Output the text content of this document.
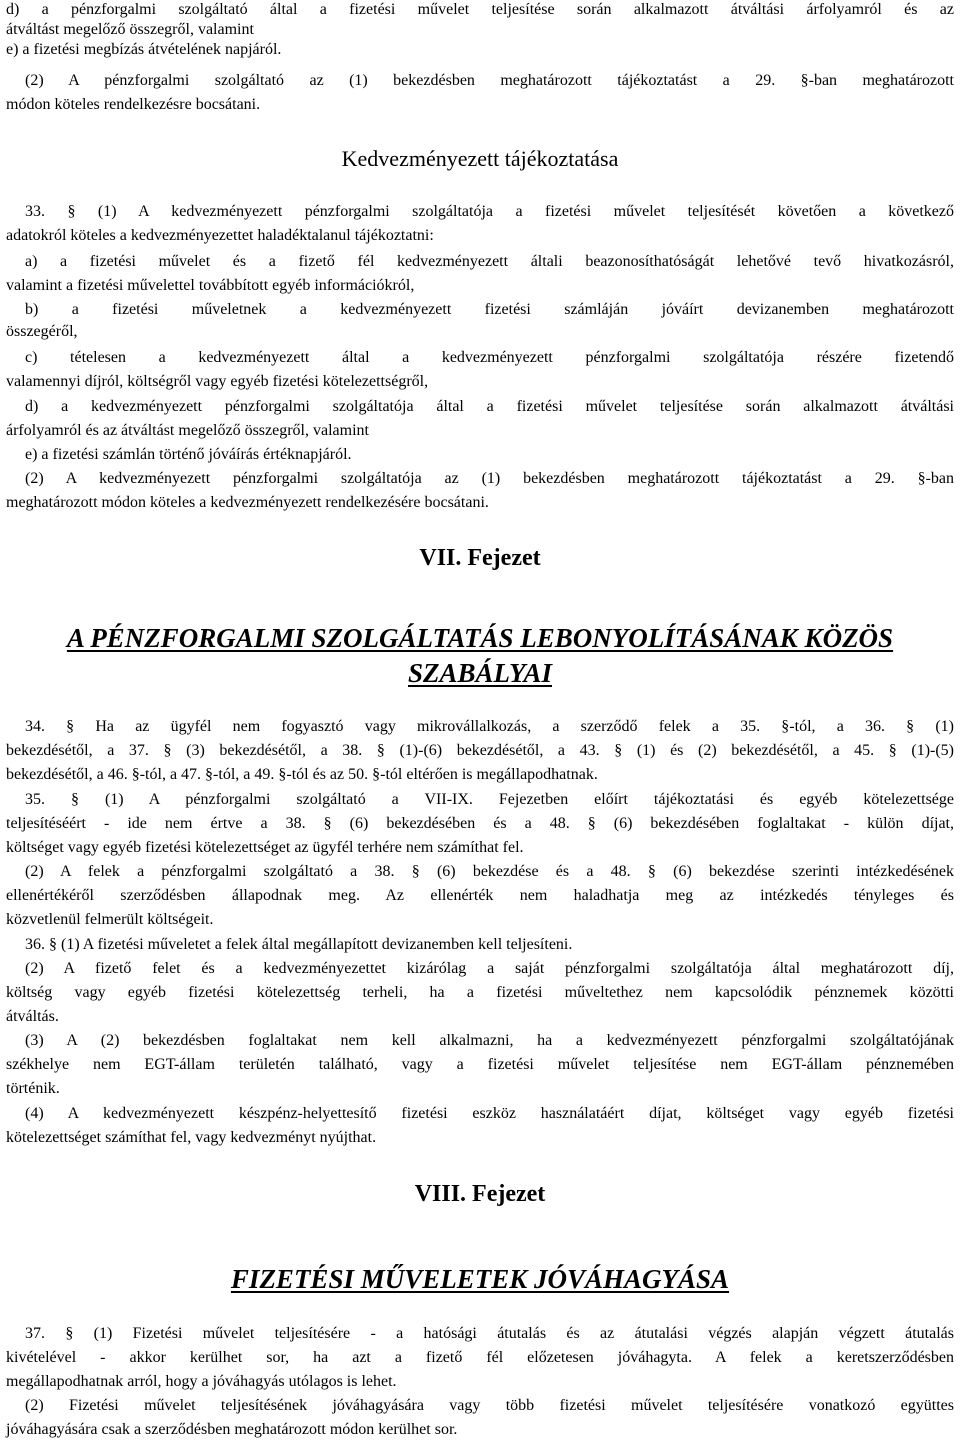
d) a pénzforgalmi szolgáltató által a fizetési művelet teljesítése során alkalmazott átváltási árfolyamról és az
átváltást megelőző összegről, valamint
e) a fizetési megbízás átvételének napjáról.
(2) A pénzforgalmi szolgáltató az (1) bekezdésben meghatározott tájékoztatást a 29. §-ban meghatározott
módon köteles rendelkezésre bocsátani.
Kedvezményezett tájékoztatása
33. § (1) A kedvezményezett pénzforgalmi szolgáltatója a fizetési művelet teljesítését követően a következő
adatokról köteles a kedvezményezettet haladéktalanul tájékoztatni:
a) a fizetési művelet és a fizető fél kedvezményezett általi beazonosíthatóságát lehetővé tevő hivatkozásról,
valamint a fizetési művelettel továbbított egyéb információkról,
b) a fizetési műveletnek a kedvezményezett fizetési számláján jóváírt devizanemben meghatározott
összegéről,
c) tételesen a kedvezményezett által a kedvezményezett pénzforgalmi szolgáltatója részére fizetendő
valamennyi díjról, költségről vagy egyéb fizetési kötelezettségről,
d) a kedvezményezett pénzforgalmi szolgáltatója által a fizetési művelet teljesítése során alkalmazott átváltási
árfolyamról és az átváltást megelőző összegről, valamint
e) a fizetési számlán történő jóváírás értéknapjáról.
(2) A kedvezményezett pénzforgalmi szolgáltatója az (1) bekezdésben meghatározott tájékoztatást a 29. §-ban
meghatározott módon köteles a kedvezményezett rendelkezésére bocsátani.
VII. Fejezet
A PÉNZFORGALMI SZOLGÁLTATÁS LEBONYOLÍTÁSÁNAK KÖZÖS
SZABÁLYAI
34. § Ha az ügyfél nem fogyasztó vagy mikrovállalkozás, a szerződő felek a 35. §-tól, a 36. § (1)
bekezdésétől, a 37. § (3) bekezdésétől, a 38. § (1)-(6) bekezdésétől, a 43. § (1) és (2) bekezdésétől, a 45. § (1)-(5)
bekezdésétől, a 46. §-tól, a 47. §-tól, a 49. §-tól és az 50. §-tól eltérően is megállapodhatnak.
35. § (1) A pénzforgalmi szolgáltató a VII-IX. Fejezetben előírt tájékoztatási és egyéb kötelezettsége
teljesítéséért - ide nem értve a 38. § (6) bekezdésében és a 48. § (6) bekezdésében foglaltakat - külön díjat,
költséget vagy egyéb fizetési kötelezettséget az ügyfél terhére nem számíthat fel.
(2) A felek a pénzforgalmi szolgáltató a 38. § (6) bekezdése és a 48. § (6) bekezdése szerinti intézkedésének
ellenértékéről szerződésben állapodnak meg. Az ellenérték nem haladhatja meg az intézkedés tényleges és
közvetlenül felmerült költségeit.
36. § (1) A fizetési műveletet a felek által megállapított devizanemben kell teljesíteni.
(2) A fizető felet és a kedvezményezettet kizárólag a saját pénzforgalmi szolgáltatója által meghatározott díj,
költség vagy egyéb fizetési kötelezettség terheli, ha a fizetési műveltethez nem kapcsolódik pénznemek közötti
átváltás.
(3) A (2) bekezdésben foglaltakat nem kell alkalmazni, ha a kedvezményezett pénzforgalmi szolgáltatójának
székhelye nem EGT-állam területén található, vagy a fizetési művelet teljesítése nem EGT-állam pénznemében
történik.
(4) A kedvezményezett készpénz-helyettesítő fizetési eszköz használatáért díjat, költséget vagy egyéb fizetési
kötelezettséget számíthat fel, vagy kedvezményt nyújthat.
VIII. Fejezet
FIZETÉSI MŰVELETEK JÓVÁHAGYÁSA
37. § (1) Fizetési művelet teljesítésére - a hatósági átutalás és az átutalási végzés alapján végzett átutalás
kivételével - akkor kerülhet sor, ha azt a fizető fél előzetesen jóváhagyta. A felek a keretszerződésben
megállapodhatnak arról, hogy a jóváhagyás utólagos is lehet.
(2) Fizetési művelet teljesítésének jóváhagyására vagy több fizetési művelet teljesítésére vonatkozó együttes
jóváhagyására csak a szerződésben meghatározott módon kerülhet sor.
